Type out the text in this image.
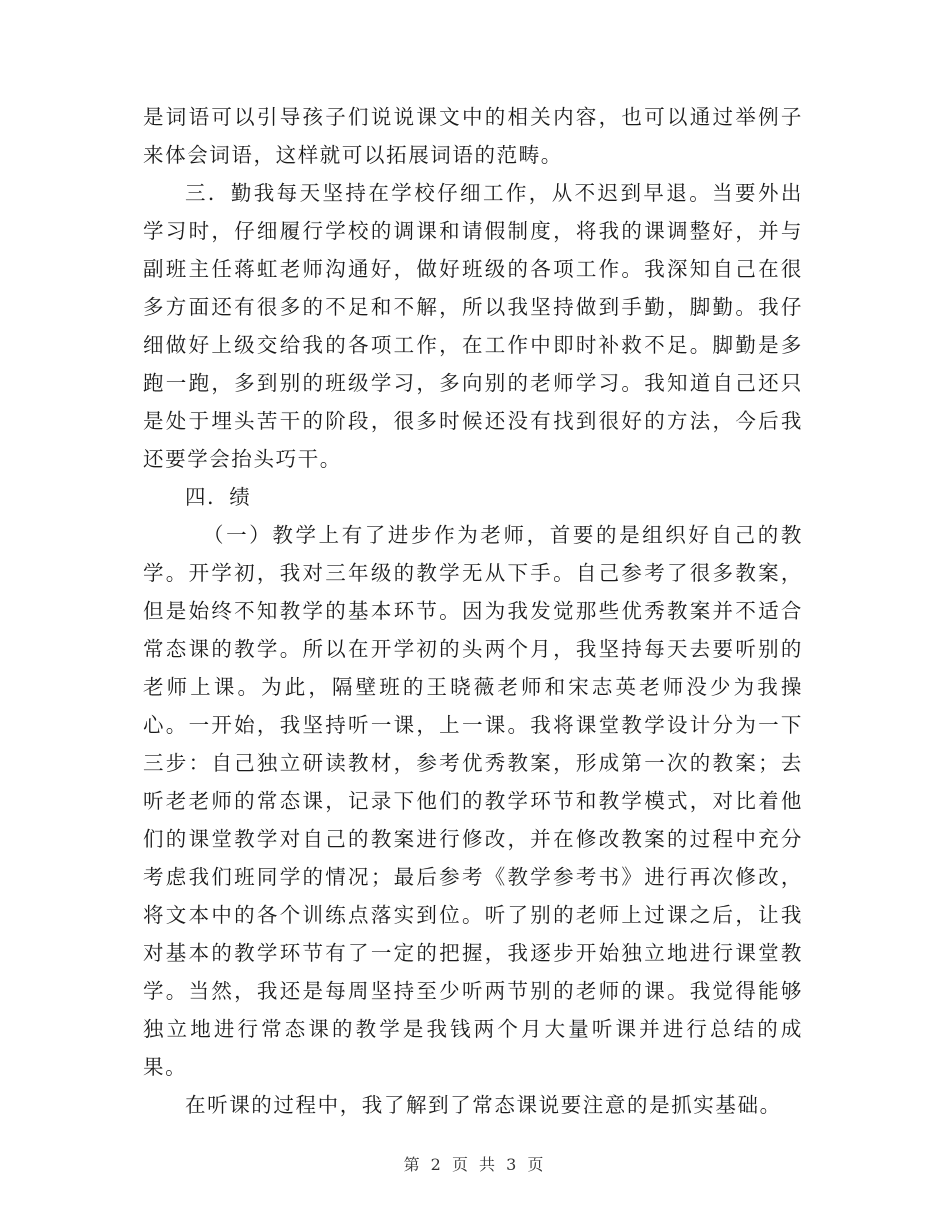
是词语可以引导孩子们说说课文中的相关内容，也可以通过举例子来体会词语，这样就可以拓展词语的范畴。

三．勤我每天坚持在学校仔细工作，从不迟到早退。当要外出学习时，仔细履行学校的调课和请假制度，将我的课调整好，并与副班主任蒋虹老师沟通好，做好班级的各项工作。我深知自己在很多方面还有很多的不足和不解，所以我坚持做到手勤，脚勤。我仔细做好上级交给我的各项工作，在工作中即时补救不足。脚勤是多跑一跑，多到别的班级学习，多向别的老师学习。我知道自己还只是处于埋头苦干的阶段，很多时候还没有找到很好的方法，今后我还要学会抬头巧干。

四．绩

（一）教学上有了进步作为老师，首要的是组织好自己的教学。开学初，我对三年级的教学无从下手。自己参考了很多教案，但是始终不知教学的基本环节。因为我发觉那些优秀教案并不适合常态课的教学。所以在开学初的头两个月，我坚持每天去要听别的老师上课。为此，隔壁班的王晓薇老师和宋志英老师没少为我操心。一开始，我坚持听一课，上一课。我将课堂教学设计分为一下三步：自己独立研读教材，参考优秀教案，形成第一次的教案；去听老老师的常态课，记录下他们的教学环节和教学模式，对比着他们的课堂教学对自己的教案进行修改，并在修改教案的过程中充分考虑我们班同学的情况；最后参考《教学参考书》进行再次修改，将文本中的各个训练点落实到位。听了别的老师上过课之后，让我对基本的教学环节有了一定的把握，我逐步开始独立地进行课堂教学。当然，我还是每周坚持至少听两节别的老师的课。我觉得能够独立地进行常态课的教学是我钱两个月大量听课并进行总结的成果。

在听课的过程中，我了解到了常态课说要注意的是抓实基础。

第 2 页 共 3 页
